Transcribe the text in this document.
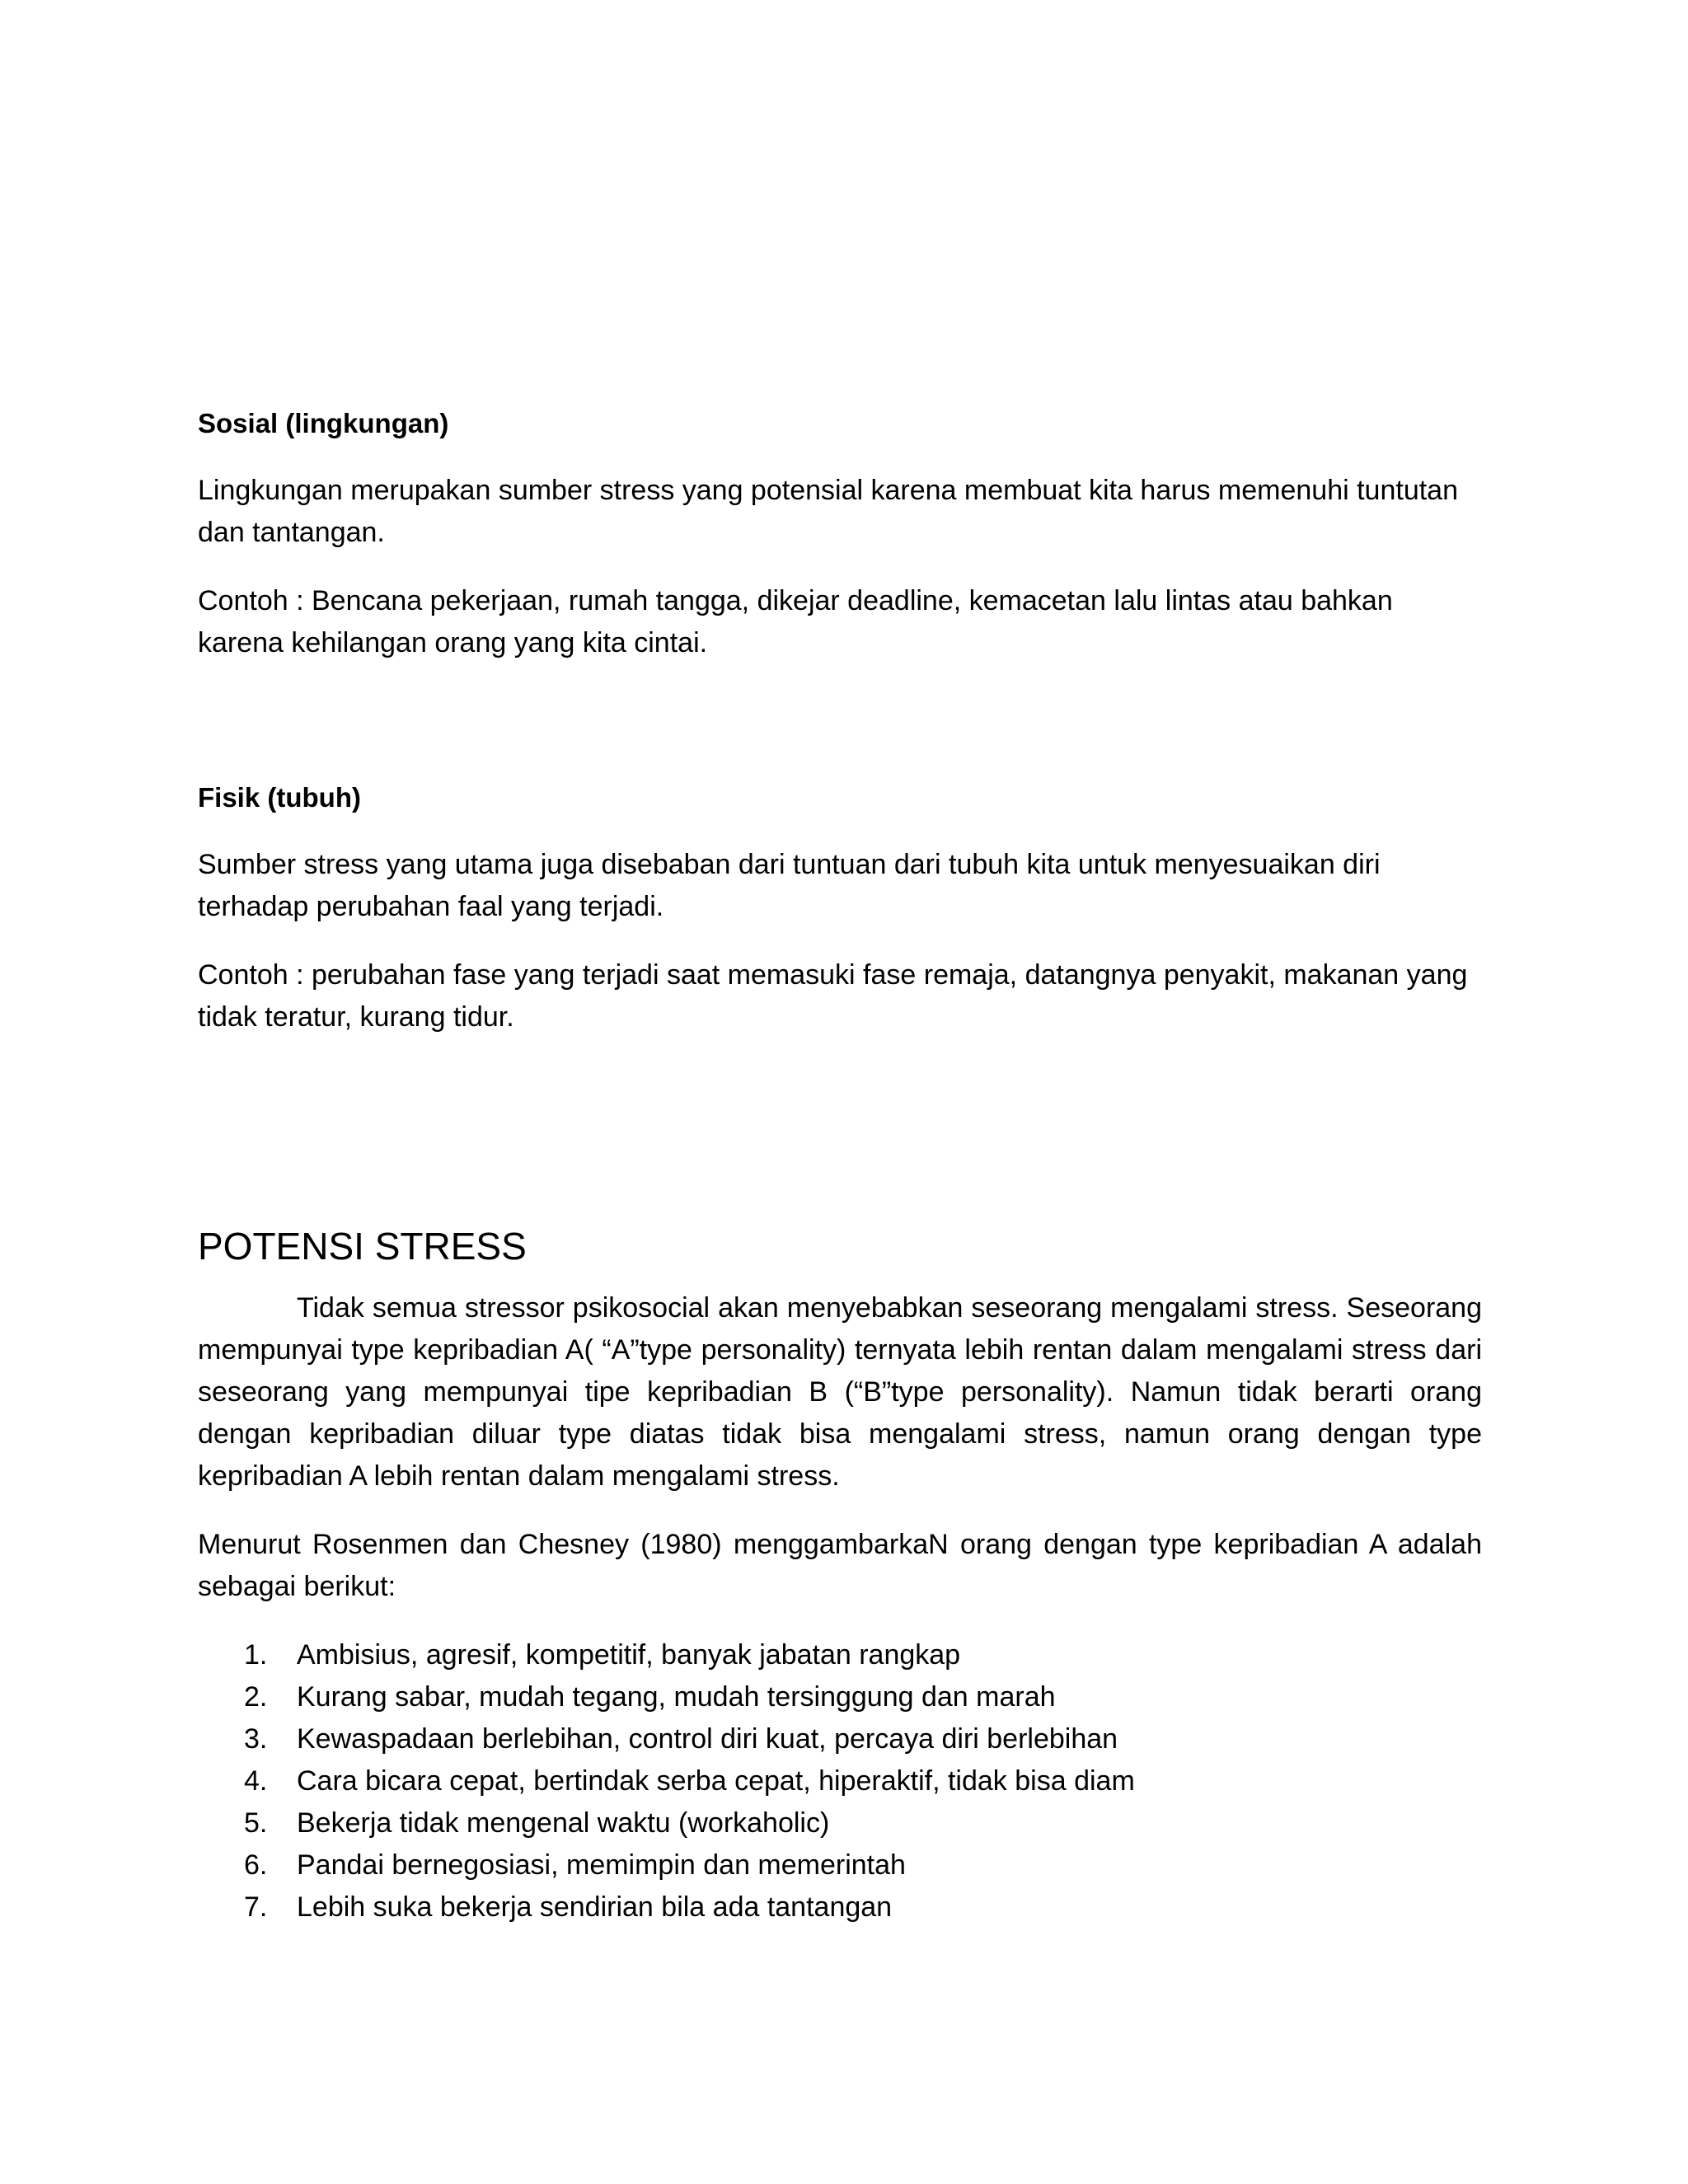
Sosial (lingkungan)

Lingkungan merupakan sumber stress yang potensial karena membuat kita harus memenuhi tuntutan dan tantangan.

Contoh : Bencana pekerjaan, rumah tangga, dikejar deadline, kemacetan lalu lintas atau bahkan karena kehilangan orang yang kita cintai.

Fisik (tubuh)

Sumber stress yang utama juga disebaban dari tuntuan dari tubuh kita untuk menyesuaikan diri terhadap perubahan faal yang terjadi.

Contoh : perubahan fase yang terjadi saat memasuki fase remaja, datangnya penyakit, makanan yang tidak teratur, kurang tidur.

POTENSI STRESS

Tidak semua stressor psikosocial akan menyebabkan seseorang mengalami stress. Seseorang mempunyai type kepribadian A( “A”type personality) ternyata lebih rentan dalam mengalami stress dari seseorang yang mempunyai tipe kepribadian B (“B”type personality). Namun tidak berarti orang dengan kepribadian diluar type diatas tidak bisa mengalami stress, namun orang dengan type kepribadian A lebih rentan dalam mengalami stress.

Menurut Rosenmen dan Chesney (1980) menggambarkaN orang dengan type kepribadian A adalah sebagai berikut:

1. Ambisius, agresif, kompetitif, banyak jabatan rangkap
2. Kurang sabar, mudah tegang, mudah tersinggung dan marah
3. Kewaspadaan berlebihan, control diri kuat, percaya diri berlebihan
4. Cara bicara cepat, bertindak serba cepat, hiperaktif, tidak bisa diam
5. Bekerja tidak mengenal waktu (workaholic)
6. Pandai bernegosiasi, memimpin dan memerintah
7. Lebih suka bekerja sendirian bila ada tantangan
